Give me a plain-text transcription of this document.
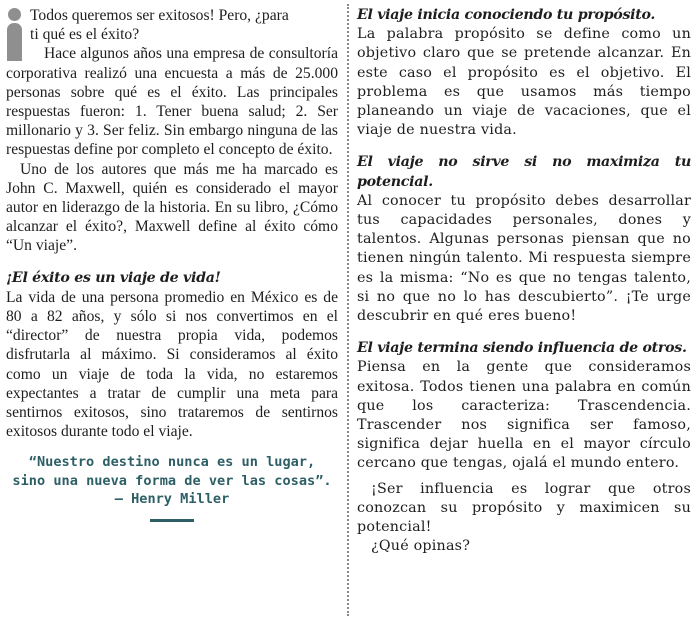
Todos queremos ser exitosos! Pero, ¿para
ti qué es el éxito?

Hace algunos años una empresa de consultoría corporativa realizó una encuesta a más de 25.000 personas sobre qué es el éxito. Las principales respuestas fueron: 1. Tener buena salud; 2. Ser millonario y 3. Ser feliz. Sin embargo ninguna de las respuestas define por completo el concepto de éxito.

Uno de los autores que más me ha marcado es John C. Maxwell, quién es considerado el mayor autor en liderazgo de la historia. En su libro, ¿Cómo alcanzar el éxito?, Maxwell define al éxito cómo “Un viaje”.

¡El éxito es un viaje de vida!

La vida de una persona promedio en México es de 80 a 82 años, y sólo si nos convertimos en el “director” de nuestra propia vida, podemos disfrutarla al máximo. Si consideramos al éxito como un viaje de toda la vida, no estaremos expectantes a tratar de cumplir una meta para sentirnos exitosos, sino trataremos de sentirnos exitosos durante todo el viaje.

“Nuestro destino nunca es un lugar,
sino una nueva forma de ver las cosas”.

– Henry Miller

El viaje inicia conociendo tu propósito.

La palabra propósito se define como un objetivo claro que se pretende alcanzar. En este caso el propósito es el objetivo. El problema es que usamos más tiempo planeando un viaje de vacaciones, que el viaje de nuestra vida.

El viaje no sirve si no maximiza tu potencial.

Al conocer tu propósito debes desarrollar tus capacidades personales, dones y talentos. Algunas personas piensan que no tienen ningún talento. Mi respuesta siempre es la misma: “No es que no tengas talento, si no que no lo has descubierto”. ¡Te urge descubrir en qué eres bueno!

El viaje termina siendo influencia de otros.

Piensa en la gente que consideramos exitosa. Todos tienen una palabra en común que los caracteriza: Trascendencia. Trascender nos significa ser famoso, significa dejar huella en el mayor círculo cercano que tengas, ojalá el mundo entero.

¡Ser influencia es lograr que otros conozcan su propósito y maximicen su potencial!

¿Qué opinas?
